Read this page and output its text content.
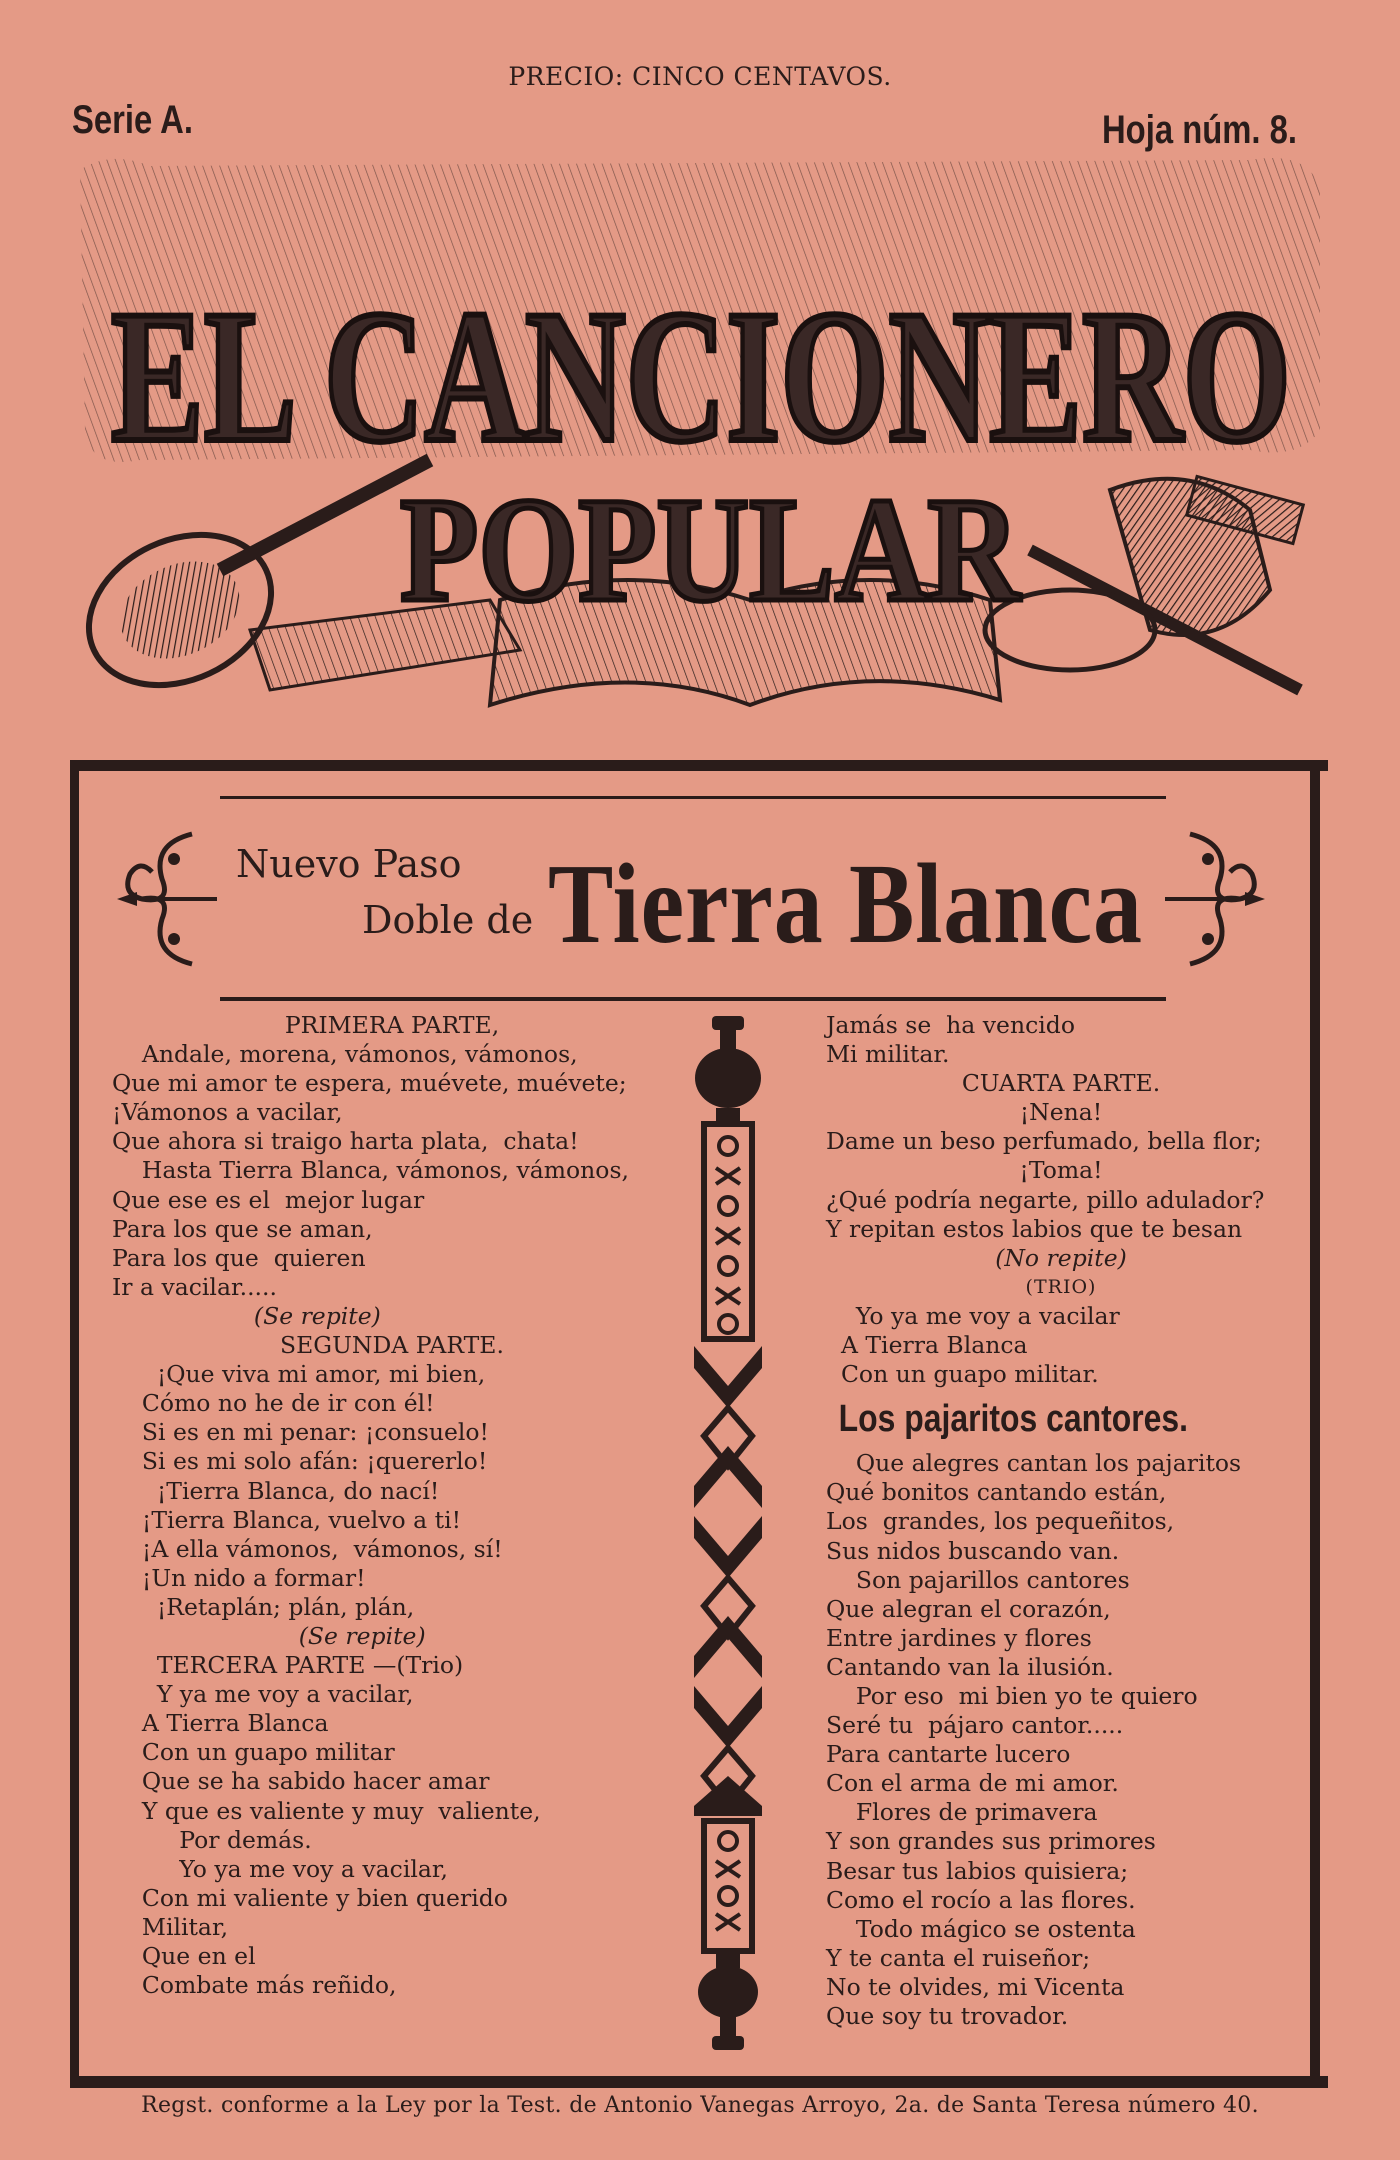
PRECIO: CINCO CENTAVOS.
Serie A.	Hoja núm. 8.
EL CANCIONERO
POPULAR
Nuevo Paso
Doble de Tierra Blanca
PRIMERA PARTE,
Andale, morena, vámonos, vámonos,
Que mi amor te espera, muévete, muévete;
¡Vámonos a vacilar,
Que ahora si traigo harta plata,  chata!
Hasta Tierra Blanca, vámonos, vámonos,
Que ese es el  mejor lugar
Para los que se aman,
Para los que  quieren
Ir a vacilar.....
(Se repite)
SEGUNDA PARTE.
¡Que viva mi amor, mi bien,
Cómo no he de ir con él!
Si es en mi penar: ¡consuelo!
Si es mi solo afán: ¡quererlo!
¡Tierra Blanca, do nací!
¡Tierra Blanca, vuelvo a ti!
¡A ella vámonos,  vámonos, sí!
¡Un nido a formar!
¡Retaplán; plán, plán,
(Se repite)
TERCERA PARTE —(Trio)
Y ya me voy a vacilar,
A Tierra Blanca
Con un guapo militar
Que se ha sabido hacer amar
Y que es valiente y muy  valiente,
Por demás.
Yo ya me voy a vacilar,
Con mi valiente y bien querido
Militar,
Que en el
Combate más reñido,
Jamás se  ha vencido
Mi militar.
CUARTA PARTE.
¡Nena!
Dame un beso perfumado, bella flor;
¡Toma!
¿Qué podría negarte, pillo adulador?
Y repitan estos labios que te besan
(No repite)
(TRIO)
Yo ya me voy a vacilar
A Tierra Blanca
Con un guapo militar.
Los pajaritos cantores.
Que alegres cantan los pajaritos
Qué bonitos cantando están,
Los  grandes, los pequeñitos,
Sus nidos buscando van.
Son pajarillos cantores
Que alegran el corazón,
Entre jardines y flores
Cantando van la ilusión.
Por eso  mi bien yo te quiero
Seré tu  pájaro cantor.....
Para cantarte lucero
Con el arma de mi amor.
Flores de primavera
Y son grandes sus primores
Besar tus labios quisiera;
Como el rocío a las flores.
Todo mágico se ostenta
Y te canta el ruiseñor;
No te olvides, mi Vicenta
Que soy tu trovador.
Regst. conforme a la Ley por la Test. de Antonio Vanegas Arroyo, 2a. de Santa Teresa número 40.
